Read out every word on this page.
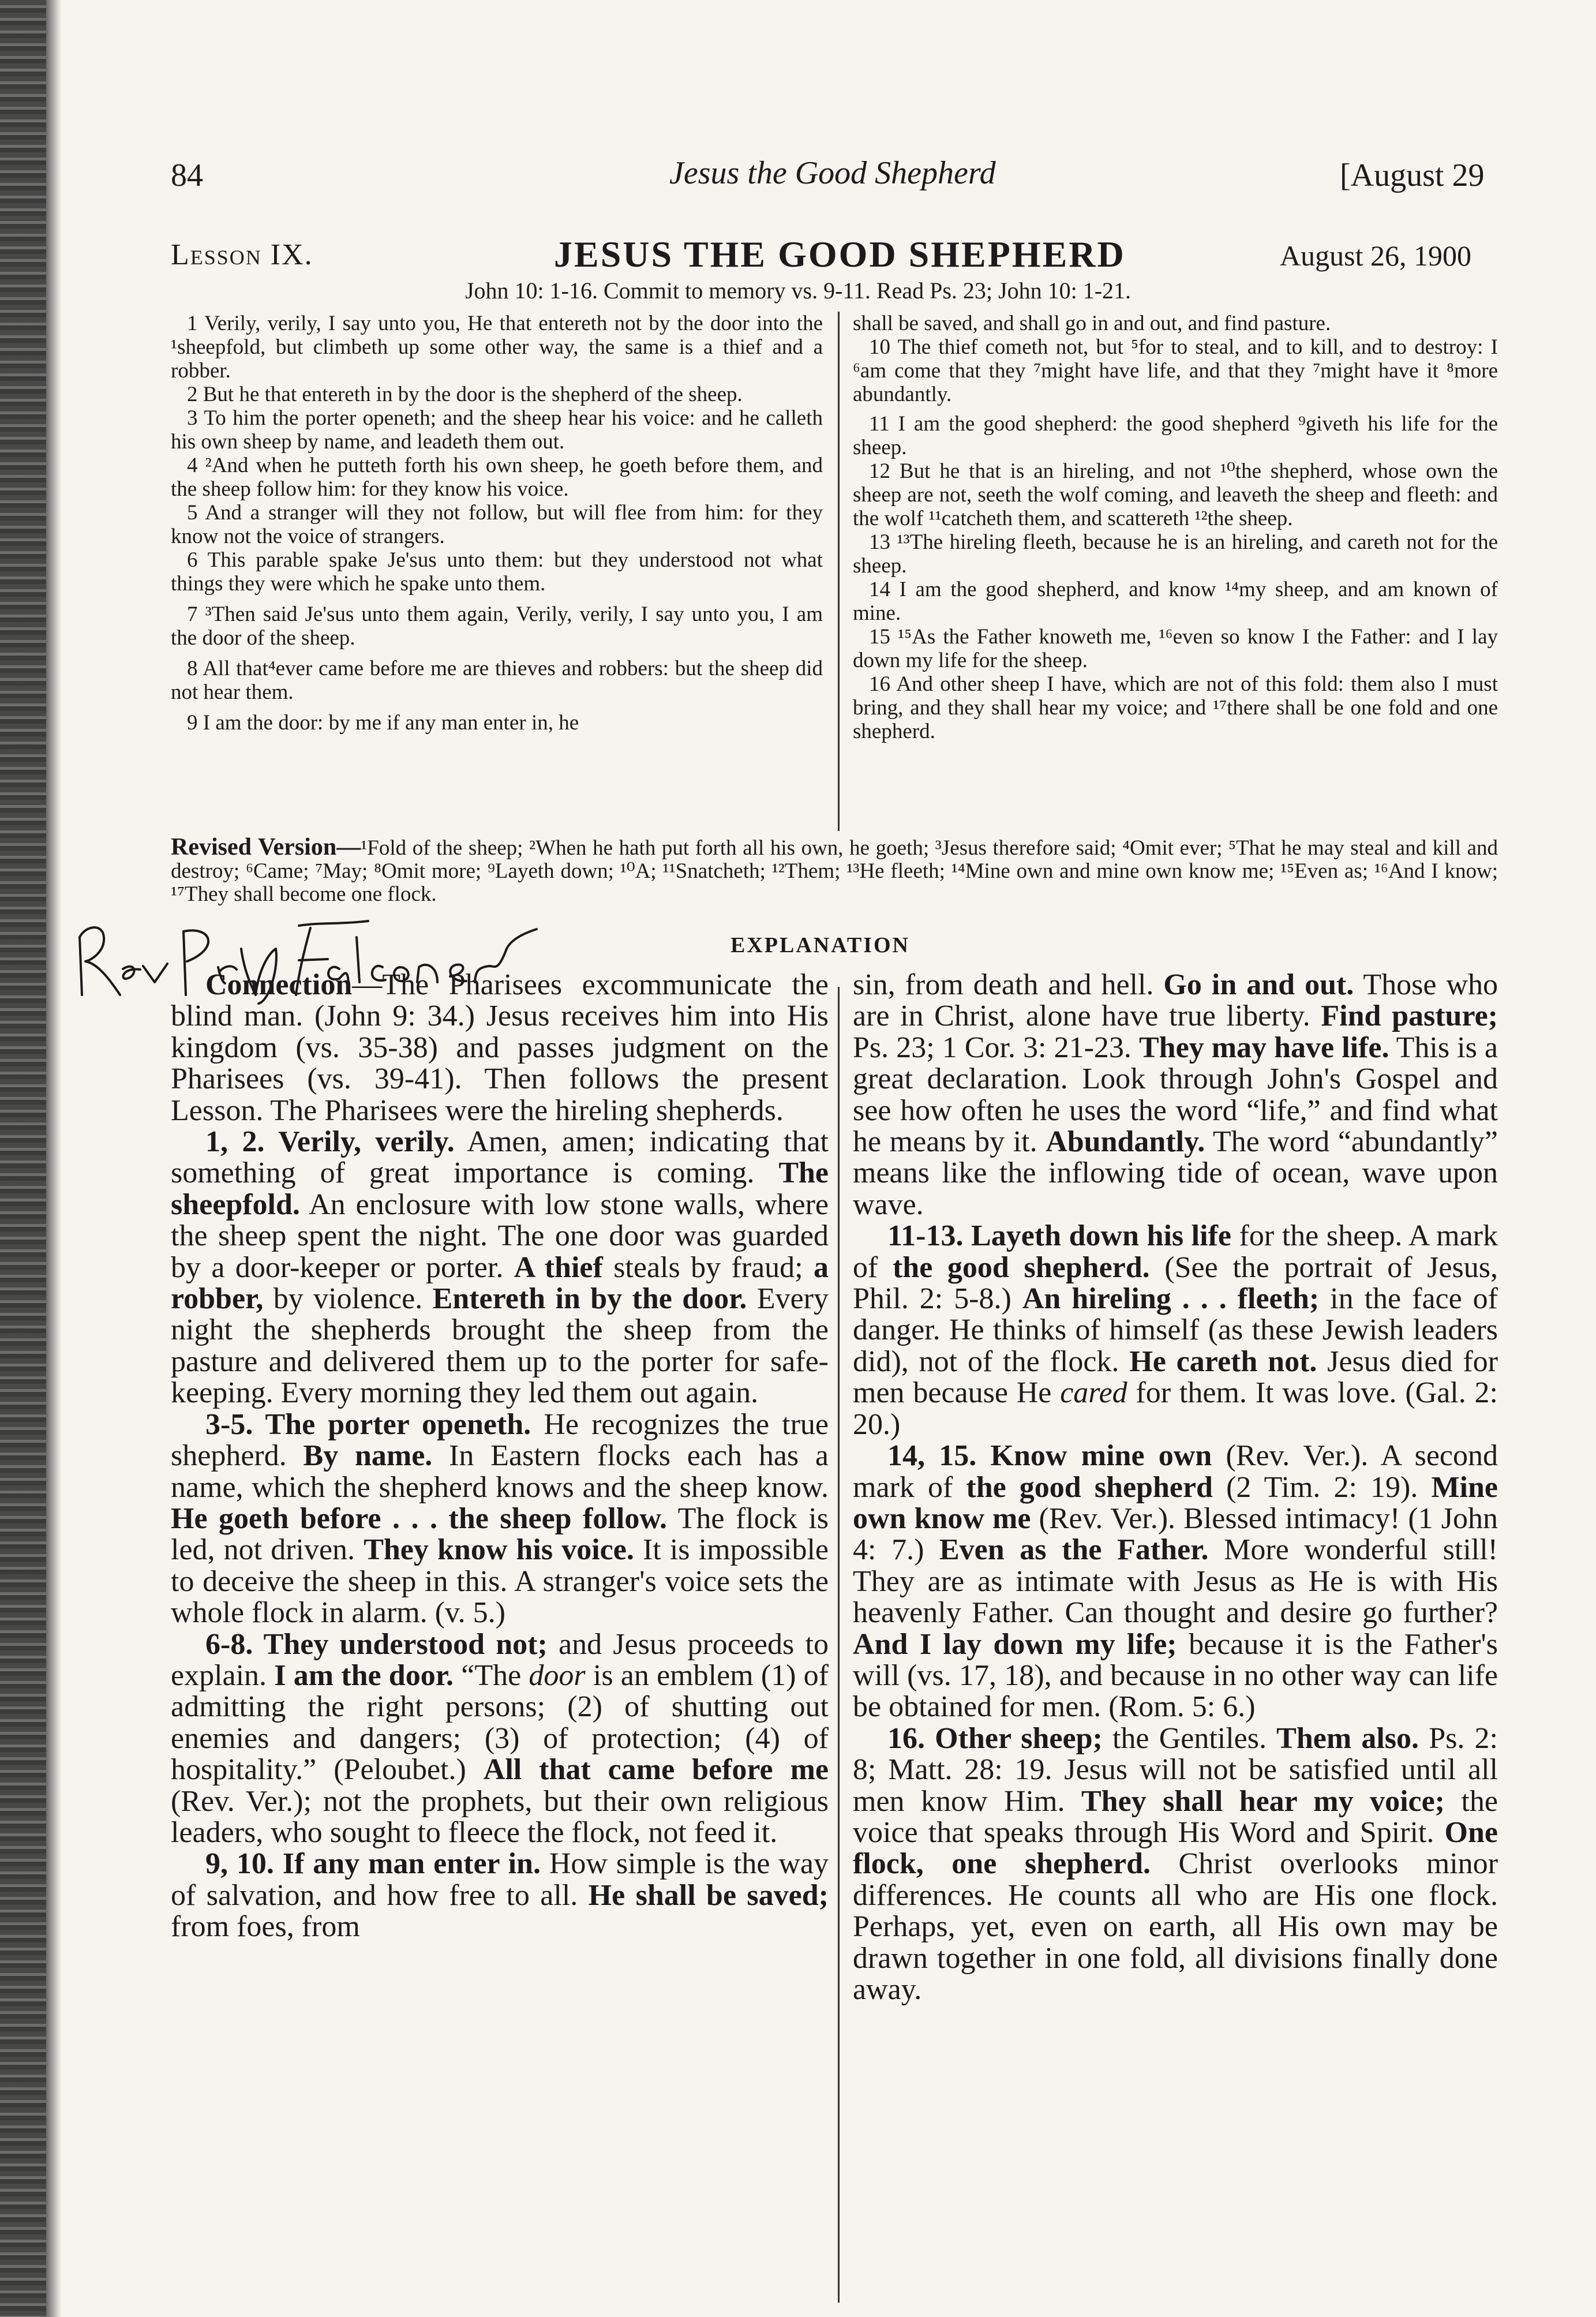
84	Jesus the Good Shepherd	[August 29
Lesson IX.	JESUS THE GOOD SHEPHERD	August 26, 1900
John 10: 1-16. Commit to memory vs. 9-11. Read Ps. 23; John 10: 1-21.

1 Verily, verily, I say unto you, He that entereth not by the door into the ¹sheepfold, but climbeth up some other way, the same is a thief and a robber.

2 But he that entereth in by the door is the shepherd of the sheep.

3 To him the porter openeth; and the sheep hear his voice: and he calleth his own sheep by name, and leadeth them out.

4 ²And when he putteth forth his own sheep, he goeth before them, and the sheep follow him: for they know his voice.

5 And a stranger will they not follow, but will flee from him: for they know not the voice of strangers.

6 This parable spake Je'sus unto them: but they understood not what things they were which he spake unto them.

7 ³Then said Je'sus unto them again, Verily, verily, I say unto you, I am the door of the sheep.

8 All that⁴ever came before me are thieves and robbers: but the sheep did not hear them.

9 I am the door: by me if any man enter in, he

shall be saved, and shall go in and out, and find pasture.

10 The thief cometh not, but ⁵for to steal, and to kill, and to destroy: I ⁶am come that they ⁷might have life, and that they ⁷might have it ⁸more abundantly.

11 I am the good shepherd: the good shepherd ⁹giveth his life for the sheep.

12 But he that is an hireling, and not ¹⁰the shepherd, whose own the sheep are not, seeth the wolf coming, and leaveth the sheep and fleeth: and the wolf ¹¹catcheth them, and scattereth ¹²the sheep.

13 ¹³The hireling fleeth, because he is an hireling, and careth not for the sheep.

14 I am the good shepherd, and know ¹⁴my sheep, and am known of mine.

15 ¹⁵As the Father knoweth me, ¹⁶even so know I the Father: and I lay down my life for the sheep.

16 And other sheep I have, which are not of this fold: them also I must bring, and they shall hear my voice; and ¹⁷there shall be one fold and one shepherd.

Revised Version—¹Fold of the sheep; ²When he hath put forth all his own, he goeth; ³Jesus therefore said; ⁴Omit ever; ⁵That he may steal and kill and destroy; ⁶Came; ⁷May; ⁸Omit more; ⁹Layeth down; ¹⁰A; ¹¹Snatcheth; ¹²Them; ¹³He fleeth; ¹⁴Mine own and mine own know me; ¹⁵Even as; ¹⁶And I know; ¹⁷They shall become one flock.
Rev Prof Falconer
EXPLANATION

Connection—The Pharisees excommunicate the blind man. (John 9: 34.) Jesus receives him into His kingdom (vs. 35-38) and passes judgment on the Pharisees (vs. 39-41). Then follows the present Lesson. The Pharisees were the hireling shepherds.

1, 2. Verily, verily. Amen, amen; indicating that something of great importance is coming. The sheepfold. An enclosure with low stone walls, where the sheep spent the night. The one door was guarded by a door-keeper or porter. A thief steals by fraud; a robber, by violence. Entereth in by the door. Every night the shepherds brought the sheep from the pasture and delivered them up to the porter for safe-keeping. Every morning they led them out again.

3-5. The porter openeth. He recognizes the true shepherd. By name. In Eastern flocks each has a name, which the shepherd knows and the sheep know. He goeth before . . . the sheep follow. The flock is led, not driven. They know his voice. It is impossible to deceive the sheep in this. A stranger's voice sets the whole flock in alarm. (v. 5.)

6-8. They understood not; and Jesus proceeds to explain. I am the door. “The door is an emblem (1) of admitting the right persons; (2) of shutting out enemies and dangers; (3) of protection; (4) of hospitality.” (Peloubet.) All that came before me (Rev. Ver.); not the prophets, but their own religious leaders, who sought to fleece the flock, not feed it.

9, 10. If any man enter in. How simple is the way of salvation, and how free to all. He shall be saved; from foes, from

sin, from death and hell. Go in and out. Those who are in Christ, alone have true liberty. Find pasture; Ps. 23; 1 Cor. 3: 21-23. They may have life. This is a great declaration. Look through John's Gospel and see how often he uses the word “life,” and find what he means by it. Abundantly. The word “abundantly” means like the inflowing tide of ocean, wave upon wave.

11-13. Layeth down his life for the sheep. A mark of the good shepherd. (See the portrait of Jesus, Phil. 2: 5-8.) An hireling . . . fleeth; in the face of danger. He thinks of himself (as these Jewish leaders did), not of the flock. He careth not. Jesus died for men because He cared for them. It was love. (Gal. 2: 20.)

14, 15. Know mine own (Rev. Ver.). A second mark of the good shepherd (2 Tim. 2: 19). Mine own know me (Rev. Ver.). Blessed intimacy! (1 John 4: 7.) Even as the Father. More wonderful still! They are as intimate with Jesus as He is with His heavenly Father. Can thought and desire go further? And I lay down my life; because it is the Father's will (vs. 17, 18), and because in no other way can life be obtained for men. (Rom. 5: 6.)

16. Other sheep; the Gentiles. Them also. Ps. 2: 8; Matt. 28: 19. Jesus will not be satisfied until all men know Him. They shall hear my voice; the voice that speaks through His Word and Spirit. One flock, one shepherd. Christ overlooks minor differences. He counts all who are His one flock. Perhaps, yet, even on earth, all His own may be drawn together in one fold, all divisions finally done away.
